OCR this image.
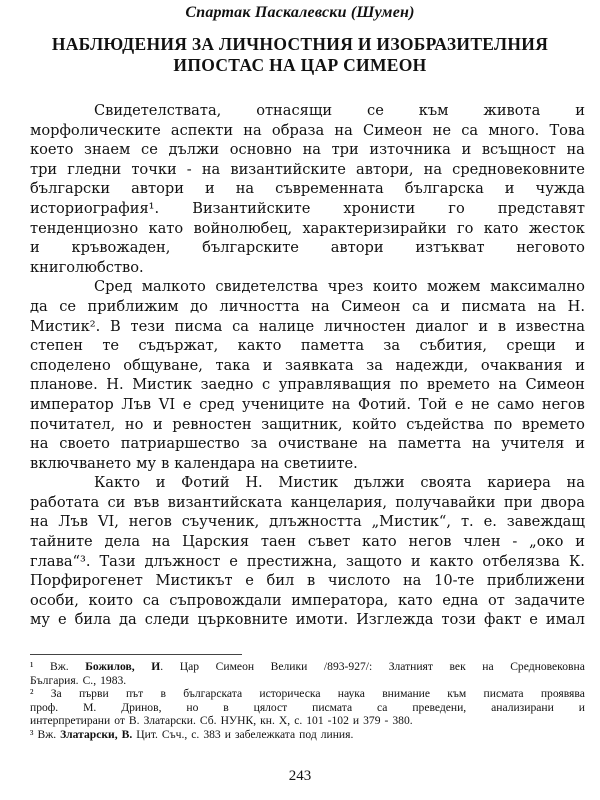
Спартак Паскалевски (Шумен)
НАБЛЮДЕНИЯ ЗА ЛИЧНОСТНИЯ И ИЗОБРАЗИТЕЛНИЯ
ИПОСТАС НА ЦАР СИМЕОН
Свидетелствата, отнасящи се към живота и
морфолическите аспекти на образа на Симеон не са много. Това
което знаем се дължи основно на три източника и всъщност на
три гледни точки - на византийските автори, на средновековните
български автори и на съвременната българска и чужда
историография¹. Византийските хронисти го представят
тенденциозно като войнолюбец, характеризирайки го като жесток
и кръвожаден, българските автори изтъкват неговото
книголюбство.
Сред малкото свидетелства чрез които можем максимално
да се приближим до личността на Симеон са и писмата на Н.
Мистик². В тези писма са налице личностен диалог и в известна
степен те съдържат, както паметта за събития, срещи и
споделено общуване, така и заявката за надежди, очаквания и
планове. Н. Мистик заедно с управляващия по времето на Симеон
император Лъв VI е сред учениците на Фотий. Той е не само негов
почитател, но и ревностен защитник, който съдейства по времето
на своето патриаршество за очистване на паметта на учителя и
включването му в календара на светиите.
Както и Фотий Н. Мистик дължи своята кариера на
работата си във византийската канцелария, получавайки при двора
на Лъв VI, негов съученик, длъжността „Мистик“, т. е. завеждащ
тайните дела на Царския таен съвет като негов член - „око и
глава“³. Тази длъжност е престижна, защото и както отбелязва К.
Порфирогенет Мистикът е бил в числото на 10-те приближени
особи, които са съпровождали императора, като една от задачите
му е била да следи църковните имоти. Изглежда този факт е имал
¹ Вж. Божилов, И. Цар Симеон Велики /893-927/: Златният век на Средновековна
България. С., 1983.
² За първи път в българската историческа наука внимание към писмата проявява
проф. М. Дринов, но в цялост писмата са преведени, анализирани и
интерпретирани от В. Златарски. Сб. НУНК, кн. Х, с. 101 -102 и 379 - 380.
³ Вж. Златарски, В. Цит. Съч., с. 383 и забележката под линия.
243
